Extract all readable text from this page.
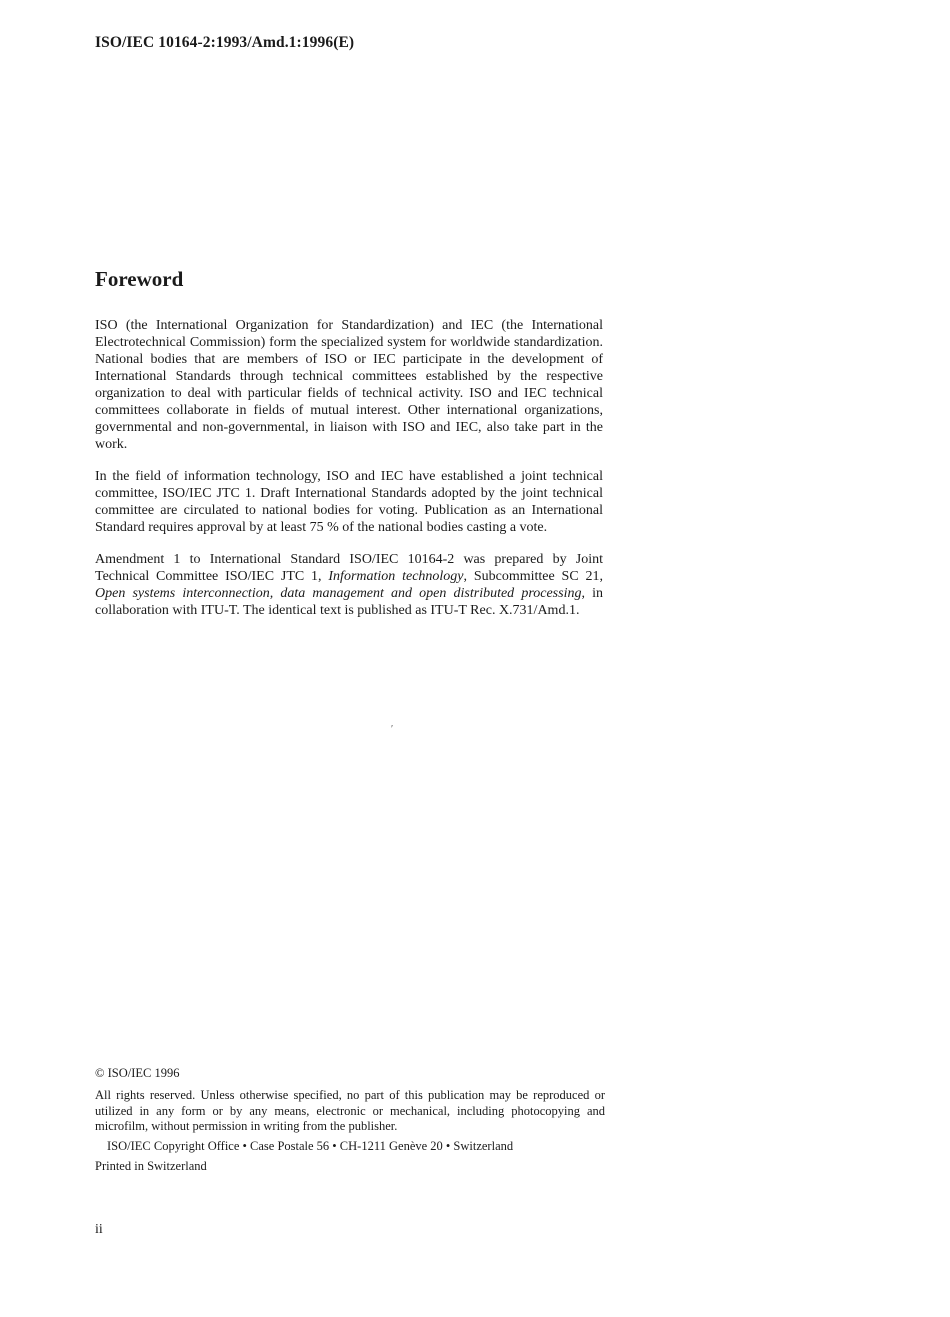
ISO/IEC 10164-2:1993/Amd.1:1996(E)
Foreword

ISO (the International Organization for Standardization) and IEC (the International Electrotechnical Commission) form the specialized system for worldwide standardization. National bodies that are members of ISO or IEC participate in the development of International Standards through technical committees established by the respective organization to deal with particular fields of technical activity. ISO and IEC technical committees collaborate in fields of mutual interest. Other international organizations, governmental and non-governmental, in liaison with ISO and IEC, also take part in the work.

In the field of information technology, ISO and IEC have established a joint technical committee, ISO/IEC JTC 1. Draft International Standards adopted by the joint technical committee are circulated to national bodies for voting. Publication as an International Standard requires approval by at least 75 % of the national bodies casting a vote.

Amendment 1 to International Standard ISO/IEC 10164-2 was prepared by Joint Technical Committee ISO/IEC JTC 1, Information technology, Subcommittee SC 21, Open systems interconnection, data management and open distributed processing, in collaboration with ITU-T. The identical text is published as ITU-T Rec. X.731/Amd.1.

′
© ISO/IEC 1996
All rights reserved. Unless otherwise specified, no part of this publication may be reproduced or utilized in any form or by any means, electronic or mechanical, including photocopying and microfilm, without permission in writing from the publisher.
ISO/IEC Copyright Office • Case Postale 56 • CH-1211 Genève 20 • Switzerland
Printed in Switzerland
ii
